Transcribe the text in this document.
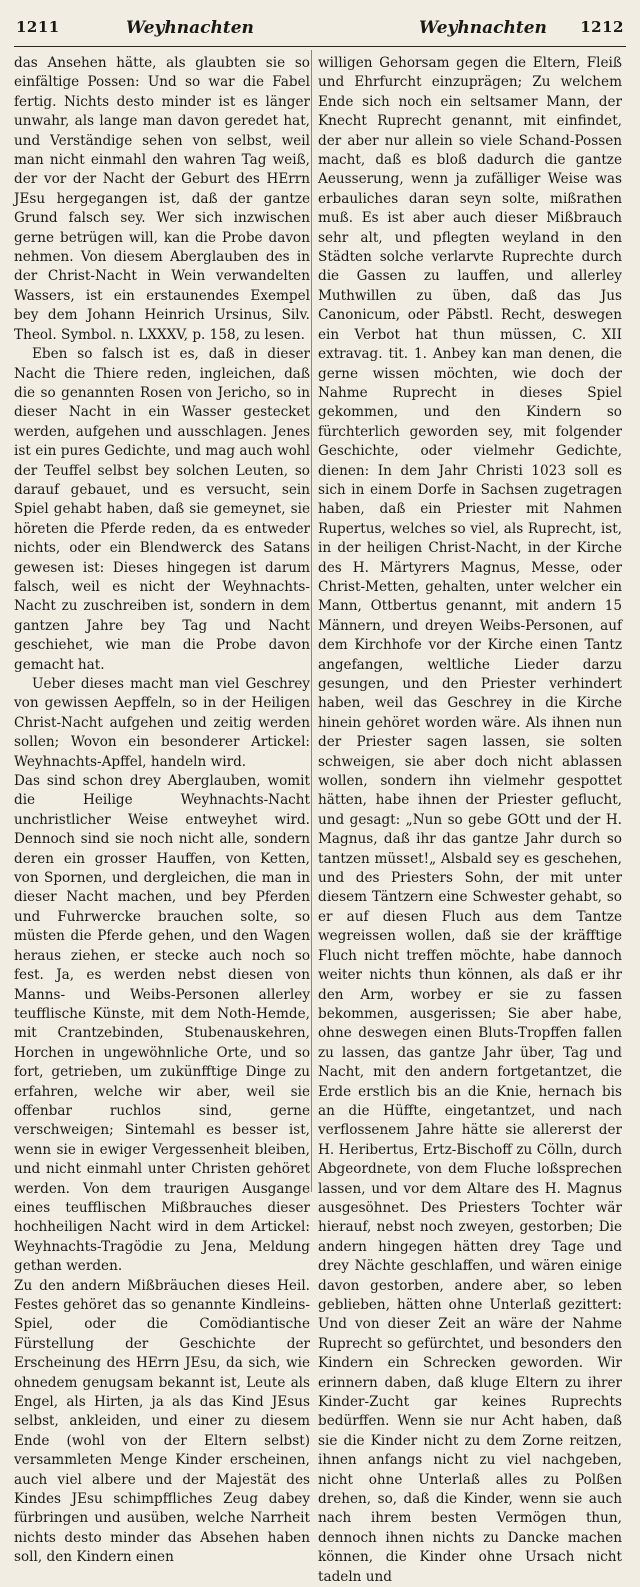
1211	Weyhnachten	Weyhnachten 1212

das Ansehen hätte, als glaubten sie so einfältige Possen: Und so war die Fabel fertig. Nichts desto minder ist es länger unwahr, als lange man davon geredet hat, und Verständige sehen von selbst, weil man nicht einmahl den wahren Tag weiß, der vor der Nacht der Geburt des HErrn JEsu hergegangen ist, daß der gantze Grund falsch sey. Wer sich inzwischen gerne betrügen will, kan die Probe davon nehmen. Von diesem Aberglauben des in der Christ-Nacht in Wein verwandelten Wassers, ist ein erstaunendes Exempel bey dem Johann Heinrich Ursinus, Silv. Theol. Symbol. n. LXXXV, p. 158, zu lesen.

Eben so falsch ist es, daß in dieser Nacht die Thiere reden, ingleichen, daß die so genannten Rosen von Jericho, so in dieser Nacht in ein Wasser gestecket werden, aufgehen und ausschlagen. Jenes ist ein pures Gedichte, und mag auch wohl der Teuffel selbst bey solchen Leuten, so darauf gebauet, und es versucht, sein Spiel gehabt haben, daß sie gemeynet, sie höreten die Pferde reden, da es entweder nichts, oder ein Blendwerck des Satans gewesen ist: Dieses hingegen ist darum falsch, weil es nicht der Weyhnachts-Nacht zu zuschreiben ist, sondern in dem gantzen Jahre bey Tag und Nacht geschiehet, wie man die Probe davon gemacht hat.

Ueber dieses macht man viel Geschrey von gewissen Aepffeln, so in der Heiligen Christ-Nacht aufgehen und zeitig werden sollen; Wovon ein besonderer Artickel: Weyhnachts-Apffel, handeln wird.

Das sind schon drey Aberglauben, womit die Heilige Weyhnachts-Nacht unchristlicher Weise entweyhet wird. Dennoch sind sie noch nicht alle, sondern deren ein grosser Hauffen, von Ketten, von Spornen, und dergleichen, die man in dieser Nacht machen, und bey Pferden und Fuhrwercke brauchen solte, so müsten die Pferde gehen, und den Wagen heraus ziehen, er stecke auch noch so fest. Ja, es werden nebst diesen von Manns- und Weibs-Personen allerley teufflische Künste, mit dem Noth-Hemde, mit Crantzebinden, Stubenauskehren, Horchen in ungewöhnliche Orte, und so fort, getrieben, um zukünfftige Dinge zu erfahren, welche wir aber, weil sie offenbar ruchlos sind, gerne verschweigen; Sintemahl es besser ist, wenn sie in ewiger Vergessenheit bleiben, und nicht einmahl unter Christen gehöret werden. Von dem traurigen Ausgange eines teufflischen Mißbrauches dieser hochheiligen Nacht wird in dem Artickel: Weyhnachts-Tragödie zu Jena, Meldung gethan werden.

Zu den andern Mißbräuchen dieses Heil. Festes gehöret das so genannte Kindleins-Spiel, oder die Comödiantische Fürstellung der Geschichte der Erscheinung des HErrn JEsu, da sich, wie ohnedem genugsam bekannt ist, Leute als Engel, als Hirten, ja als das Kind JEsus selbst, ankleiden, und einer zu diesem Ende (wohl von der Eltern selbst) versammleten Menge Kinder erscheinen, auch viel albere und der Majestät des Kindes JEsu schimpffliches Zeug dabey fürbringen und ausüben, welche Narrheit nichts desto minder das Absehen haben soll, den Kindern einen

willigen Gehorsam gegen die Eltern, Fleiß und Ehrfurcht einzuprägen; Zu welchem Ende sich noch ein seltsamer Mann, der Knecht Ruprecht genannt, mit einfindet, der aber nur allein so viele Schand-Possen macht, daß es bloß dadurch die gantze Aeusserung, wenn ja zufälliger Weise was erbauliches daran seyn solte, mißrathen muß. Es ist aber auch dieser Mißbrauch sehr alt, und pflegten weyland in den Städten solche verlarvte Ruprechte durch die Gassen zu lauffen, und allerley Muthwillen zu üben, daß das Jus Canonicum, oder Päbstl. Recht, deswegen ein Verbot hat thun müssen, C. XII extravag. tit. 1. Anbey kan man denen, die gerne wissen möchten, wie doch der Nahme Ruprecht in dieses Spiel gekommen, und den Kindern so fürchterlich geworden sey, mit folgender Geschichte, oder vielmehr Gedichte, dienen: In dem Jahr Christi 1023 soll es sich in einem Dorfe in Sachsen zugetragen haben, daß ein Priester mit Nahmen Rupertus, welches so viel, als Ruprecht, ist, in der heiligen Christ-Nacht, in der Kirche des H. Märtyrers Magnus, Messe, oder Christ-Metten, gehalten, unter welcher ein Mann, Ottbertus genannt, mit andern 15 Männern, und dreyen Weibs-Personen, auf dem Kirchhofe vor der Kirche einen Tantz angefangen, weltliche Lieder darzu gesungen, und den Priester verhindert haben, weil das Geschrey in die Kirche hinein gehöret worden wäre. Als ihnen nun der Priester sagen lassen, sie solten schweigen, sie aber doch nicht ablassen wollen, sondern ihn vielmehr gespottet hätten, habe ihnen der Priester geflucht, und gesagt: „Nun so gebe GOtt und der H. Magnus, daß ihr das gantze Jahr durch so tantzen müsset!„ Alsbald sey es geschehen, und des Priesters Sohn, der mit unter diesem Täntzern eine Schwester gehabt, so er auf diesen Fluch aus dem Tantze wegreissen wollen, daß sie der kräfftige Fluch nicht treffen möchte, habe dannoch weiter nichts thun können, als daß er ihr den Arm, worbey er sie zu fassen bekommen, ausgerissen; Sie aber habe, ohne deswegen einen Bluts-Tropffen fallen zu lassen, das gantze Jahr über, Tag und Nacht, mit den andern fortgetantzet, die Erde erstlich bis an die Knie, hernach bis an die Hüffte, eingetantzet, und nach verflossenem Jahre hätte sie allererst der H. Heribertus, Ertz-Bischoff zu Cölln, durch Abgeordnete, von dem Fluche loßsprechen lassen, und vor dem Altare des H. Magnus ausgesöhnet. Des Priesters Tochter wär hierauf, nebst noch zweyen, gestorben; Die andern hingegen hätten drey Tage und drey Nächte geschlaffen, und wären einige davon gestorben, andere aber, so leben geblieben, hätten ohne Unterlaß gezittert: Und von dieser Zeit an wäre der Nahme Ruprecht so gefürchtet, und besonders den Kindern ein Schrecken geworden. Wir erinnern daben, daß kluge Eltern zu ihrer Kinder-Zucht gar keines Ruprechts bedürffen. Wenn sie nur Acht haben, daß sie die Kinder nicht zu dem Zorne reitzen, ihnen anfangs nicht zu viel nachgeben, nicht ohne Unterlaß alles zu Polßen drehen, so, daß die Kinder, wenn sie auch nach ihrem besten Vermögen thun, dennoch ihnen nichts zu Dancke machen können, die Kinder ohne Ursach nicht tadeln und
